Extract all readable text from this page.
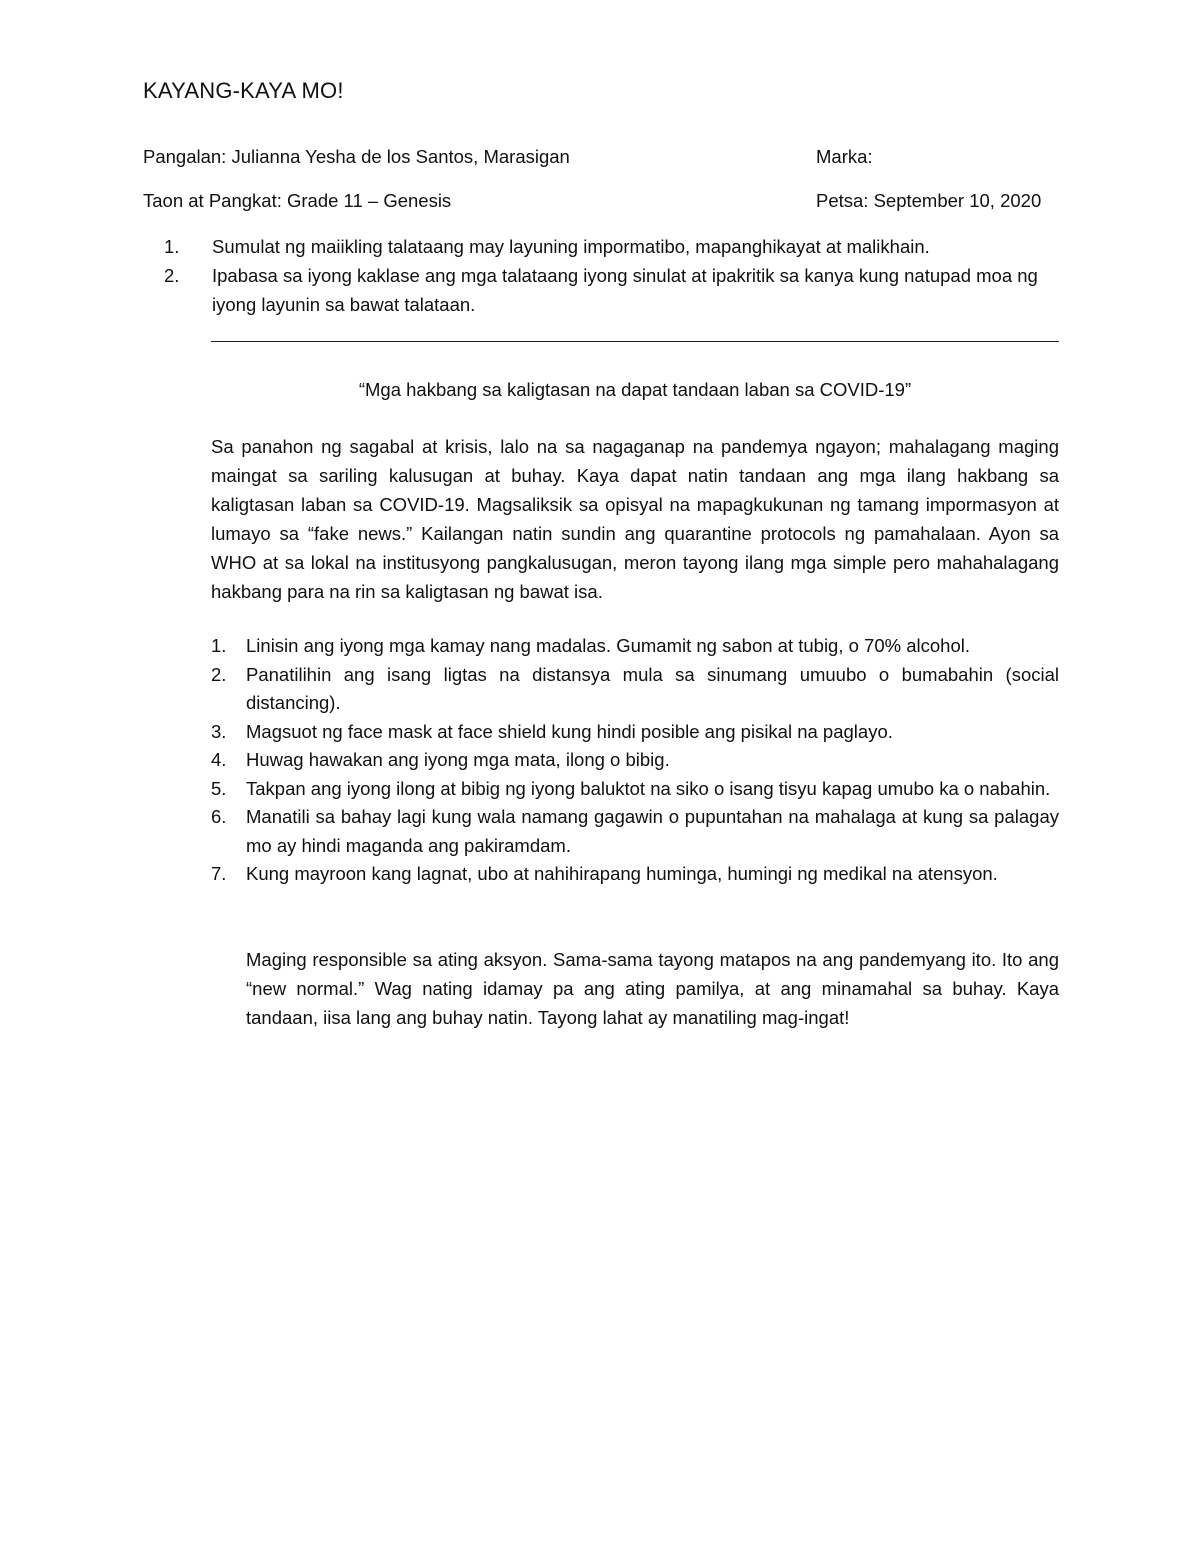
KAYANG-KAYA MO!
Pangalan: Julianna Yesha de los Santos, Marasigan	Marka:
Taon at Pangkat: Grade 11 – Genesis	Petsa: September 10, 2020
1. Sumulat ng maiikling talataang may layuning impormatibo, mapanghikayat at malikhain.
2. Ipabasa sa iyong kaklase ang mga talataang iyong sinulat at ipakritik sa kanya kung natupad moa ng iyong layunin sa bawat talataan.
“Mga hakbang sa kaligtasan na dapat tandaan laban sa COVID-19”

Sa panahon ng sagabal at krisis, lalo na sa nagaganap na pandemya ngayon; mahalagang maging maingat sa sariling kalusugan at buhay. Kaya dapat natin tandaan ang mga ilang hakbang sa kaligtasan laban sa COVID-19. Magsaliksik sa opisyal na mapagkukunan ng tamang impormasyon at lumayo sa “fake news.” Kailangan natin sundin ang quarantine protocols ng pamahalaan. Ayon sa WHO at sa lokal na institusyong pangkalusugan, meron tayong ilang mga simple pero mahahalagang hakbang para na rin sa kaligtasan ng bawat isa.

1. Linisin ang iyong mga kamay nang madalas. Gumamit ng sabon at tubig, o 70% alcohol.
2. Panatilihin ang isang ligtas na distansya mula sa sinumang umuubo o bumabahin (social distancing).
3. Magsuot ng face mask at face shield kung hindi posible ang pisikal na paglayo.
4. Huwag hawakan ang iyong mga mata, ilong o bibig.
5. Takpan ang iyong ilong at bibig ng iyong baluktot na siko o isang tisyu kapag umubo ka o nabahin.
6. Manatili sa bahay lagi kung wala namang gagawin o pupuntahan na mahalaga at kung sa palagay mo ay hindi maganda ang pakiramdam.
7. Kung mayroon kang lagnat, ubo at nahihirapang huminga, humingi ng medikal na atensyon.

Maging responsible sa ating aksyon. Sama-sama tayong matapos na ang pandemyang ito. Ito ang “new normal.” Wag nating idamay pa ang ating pamilya, at ang minamahal sa buhay. Kaya tandaan, iisa lang ang buhay natin. Tayong lahat ay manatiling mag-ingat!
